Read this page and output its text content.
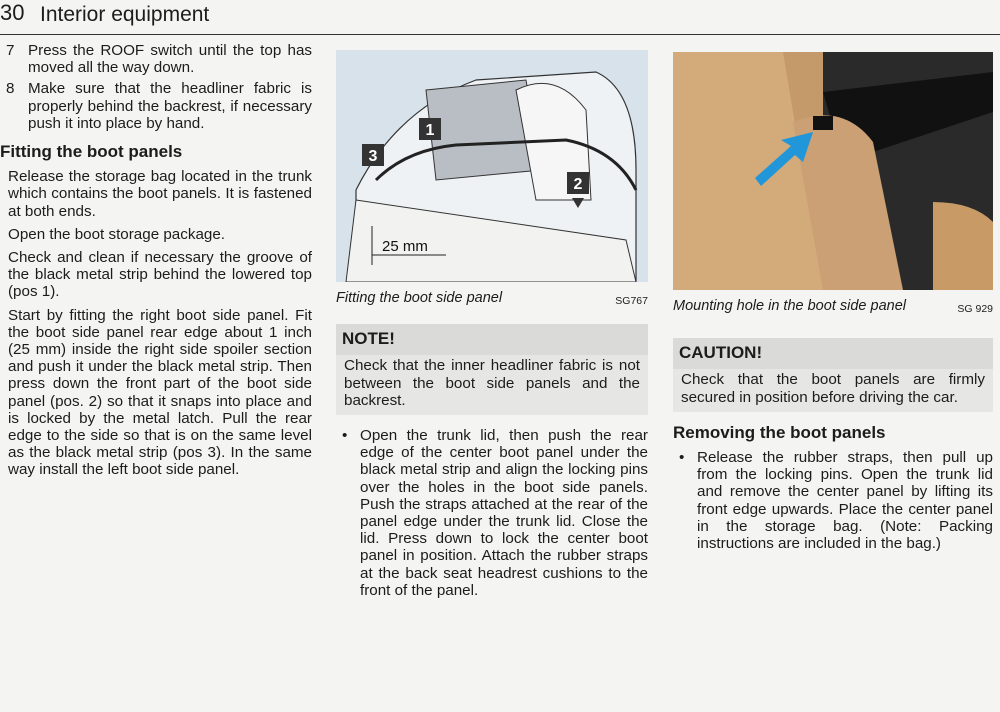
30 Interior equipment
7 Press the ROOF switch until the top has moved all the way down.
8 Make sure that the headliner fabric is properly behind the backrest, if necessary push it into place by hand.
Fitting the boot panels
Release the storage bag located in the trunk which contains the boot panels. It is fastened at both ends.
Open the boot storage package.
Check and clean if necessary the groove of the black metal strip behind the lowered top (pos 1).
Start by fitting the right boot side panel. Fit the boot side panel rear edge about 1 inch (25 mm) inside the right side spoiler section and push it under the black metal strip. Then press down the front part of the boot side panel (pos. 2) so that it snaps into place and is locked by the metal latch. Pull the rear edge to the side so that is on the same level as the black metal strip (pos 3). In the same way install the left boot side panel.
1
2
3
25 mm
Fitting the boot side panel	SG767
NOTE!
Check that the inner headliner fabric is not between the boot side panels and the backrest.
• Open the trunk lid, then push the rear edge of the center boot panel under the black metal strip and align the locking pins over the holes in the boot side panels. Push the straps attached at the rear of the panel edge under the trunk lid. Close the lid. Press down to lock the center boot panel in position. Attach the rubber straps at the back seat headrest cushions to the front of the panel.
Mounting hole in the boot side panel	SG 929
CAUTION!
Check that the boot panels are firmly secured in position before driving the car.
Removing the boot panels
• Release the rubber straps, then pull up from the locking pins. Open the trunk lid and remove the center panel by lifting its front edge upwards. Place the center panel in the storage bag. (Note: Packing instructions are included in the bag.)
